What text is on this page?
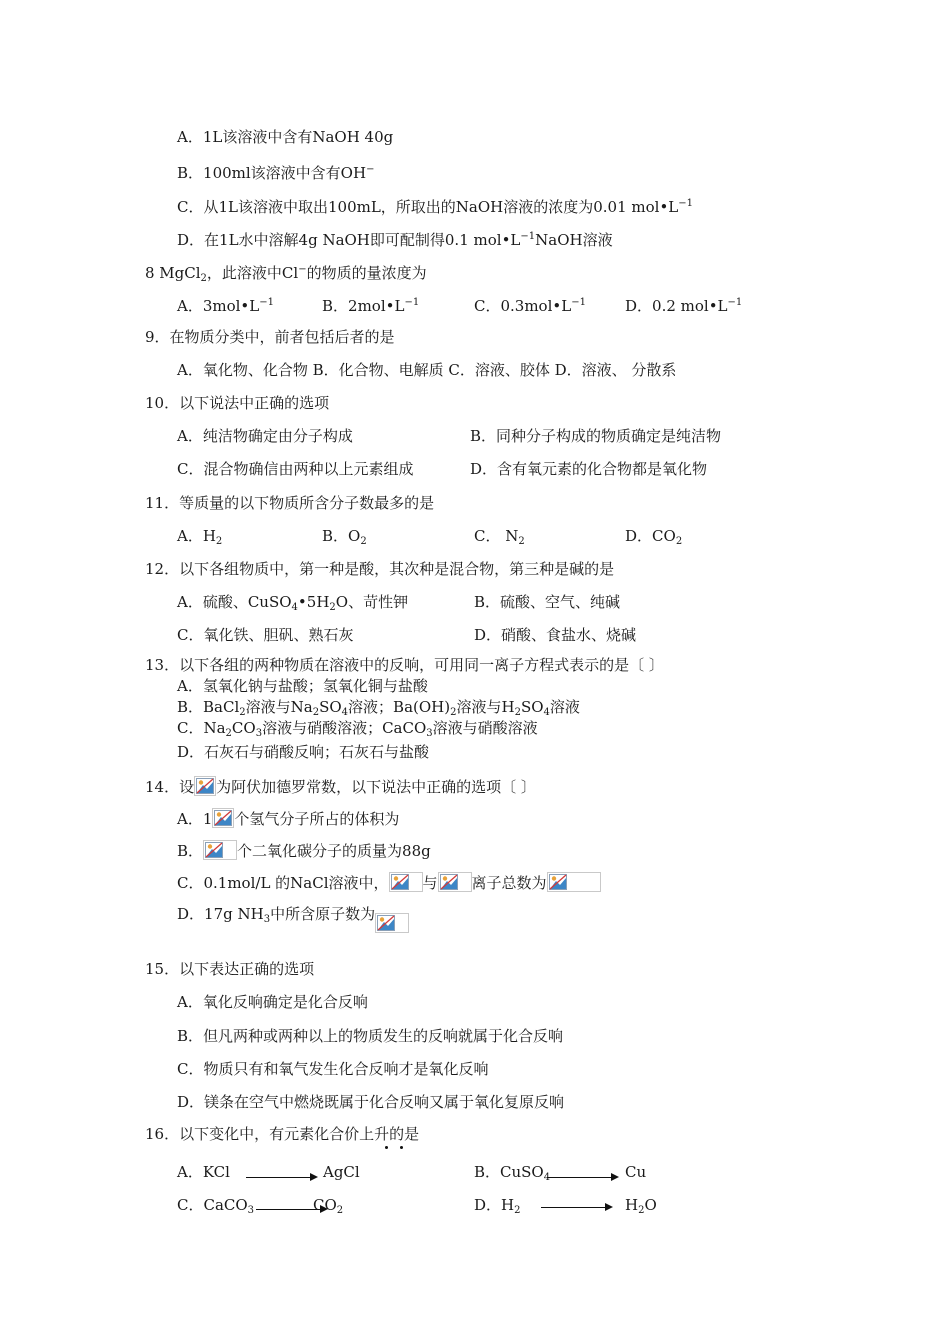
A．1L该溶液中含有NaOH 40g
B．100ml该溶液中含有OH−
C．从1L该溶液中取出100mL，所取出的NaOH溶液的浓度为0.01 $mol•L^{-1}$
D．在1L水中溶解4g NaOH即可配制得0.1 $mol•L^{-1}NaOH$溶液
8 MgCl$_2$，此溶液中Cl−的物质的量浓度为
A．$3mol•L^{-1}$	B．$2mol•L^{-1}$	C．$0.3mol•L^{-1}$	D．0.2 $mol•L^{-1}$
9．在物质分类中，前者包括后者的是
A．氧化物、化合物 B．化合物、电解质 C．溶液、胶体 D．溶液、 分散系
10．以下说法中正确的选项
A．纯洁物确定由分子构成	B．同种分子构成的物质确定是纯洁物
C．混合物确信由两种以上元素组成	D．含有氧元素的化合物都是氧化物
11．等质量的以下物质所含分子数最多的是
A．$H_2$	B．$O_2$	C． $N_2$	D．$CO_2$
12．以下各组物质中，第一种是酸，其次种是混合物，第三种是碱的是
A．硫酸、$CuSO_4•5H_2O$、苛性钾	B．硫酸、空气、纯碱
C．氧化铁、胆矾、熟石灰	D．硝酸、食盐水、烧碱
13．以下各组的两种物质在溶液中的反响，可用同一离子方程式表示的是〔 〕
A．氢氧化钠与盐酸；氢氧化铜与盐酸
B．BaCl$_2$溶液与$Na_2SO_4$溶液；$Ba(OH)_2$溶液与$H_2SO_4$溶液
C．$Na_2CO_3$溶液与硝酸溶液；CaCO$_3$溶液与硝酸溶液
D．石灰石与硝酸反响；石灰石与盐酸
14．设 为阿伏加德罗常数，以下说法中正确的选项〔 〕
A．1 个氢气分子所占的体积为
B． 个二氧化碳分子的质量为88g
C．0.1mol/L 的NaCl溶液中， 与 离子总数为
D．17g $NH_3$中所含原子数为
15．以下表达正确的选项
A．氧化反响确定是化合反响
B．但凡两种或两种以上的物质发生的反响就属于化合反响
C．物质只有和氧气发生化合反响才是氧化反响
D．镁条在空气中燃烧既属于化合反响又属于氧化复原反响
16．以下变化中，有元素化合价上升的是
A．KCl	AgCl	B．CuSO$_4$	Cu
C．CaCO$_3$	$CO_2$	D．$H_2$	$H_2O$
